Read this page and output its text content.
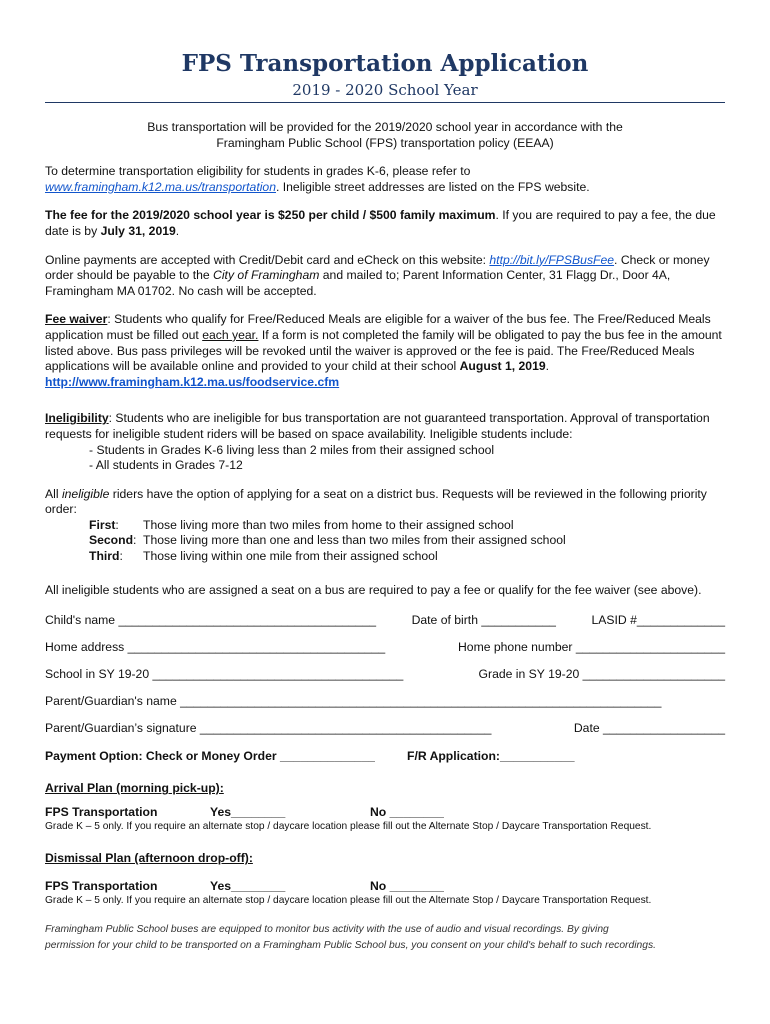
FPS Transportation Application
2019 - 2020 School Year

Bus transportation will be provided for the 2019/2020 school year in accordance with the

Framingham Public School (FPS) transportation policy (EEAA)

To determine transportation eligibility for students in grades K-6, please refer to
www.framingham.k12.ma.us/transportation. Ineligible street addresses are listed on the FPS website.

The fee for the 2019/2020 school year is $250 per child / $500 family maximum. If you are required to pay a fee, the due date is by July 31, 2019.

Online payments are accepted with Credit/Debit card and eCheck on this website: http://bit.ly/FPSBusFee. Check or money order should be payable to the City of Framingham and mailed to; Parent Information Center, 31 Flagg Dr., Door 4A, Framingham MA 01702. No cash will be accepted.

Fee waiver: Students who qualify for Free/Reduced Meals are eligible for a waiver of the bus fee. The Free/Reduced Meals application must be filled out each year. If a form is not completed the family will be obligated to pay the bus fee in the amount listed above. Bus pass privileges will be revoked until the waiver is approved or the fee is paid. The Free/Reduced Meals applications will be available online and provided to your child at their school August 1, 2019.
http://www.framingham.k12.ma.us/foodservice.cfm

Ineligibility: Students who are ineligible for bus transportation are not guaranteed transportation. Approval of transportation requests for ineligible student riders will be based on space availability. Ineligible students include:

- Students in Grades K-6 living less than 2 miles from their assigned school

- All students in Grades 7-12

All ineligible riders have the option of applying for a seat on a district bus. Requests will be reviewed in the following priority order:

First:	Those living more than two miles from home to their assigned school
Second: Those living more than one and less than two miles from their assigned school
Third:	Those living within one mile from their assigned school

All ineligible students who are assigned a seat on a bus are required to pay a fee or qualify for the fee waiver (see above).

Child's name ______________________________________	Date of birth ___________	LASID #_____________
Home address ______________________________________	Home phone number ______________________
School in SY 19-20 _____________________________________	Grade in SY 19-20 _____________________
Parent/Guardian's name _______________________________________________________________________
Parent/Guardian’s signature ___________________________________________	Date __________________
Payment Option: Check or Money Order ______________	F/R Application:___________
Arrival Plan (morning pick-up):
FPS Transportation	Yes________	No ________

Grade K – 5 only. If you require an alternate stop / daycare location please fill out the Alternate Stop / Daycare Transportation Request.

Dismissal Plan (afternoon drop-off):
FPS Transportation	Yes________	No ________

Grade K – 5 only. If you require an alternate stop / daycare location please fill out the Alternate Stop / Daycare Transportation Request.

Framingham Public School buses are equipped to monitor bus activity with the use of audio and visual recordings. By giving

permission for your child to be transported on a Framingham Public School bus, you consent on your child's behalf to such recordings.
